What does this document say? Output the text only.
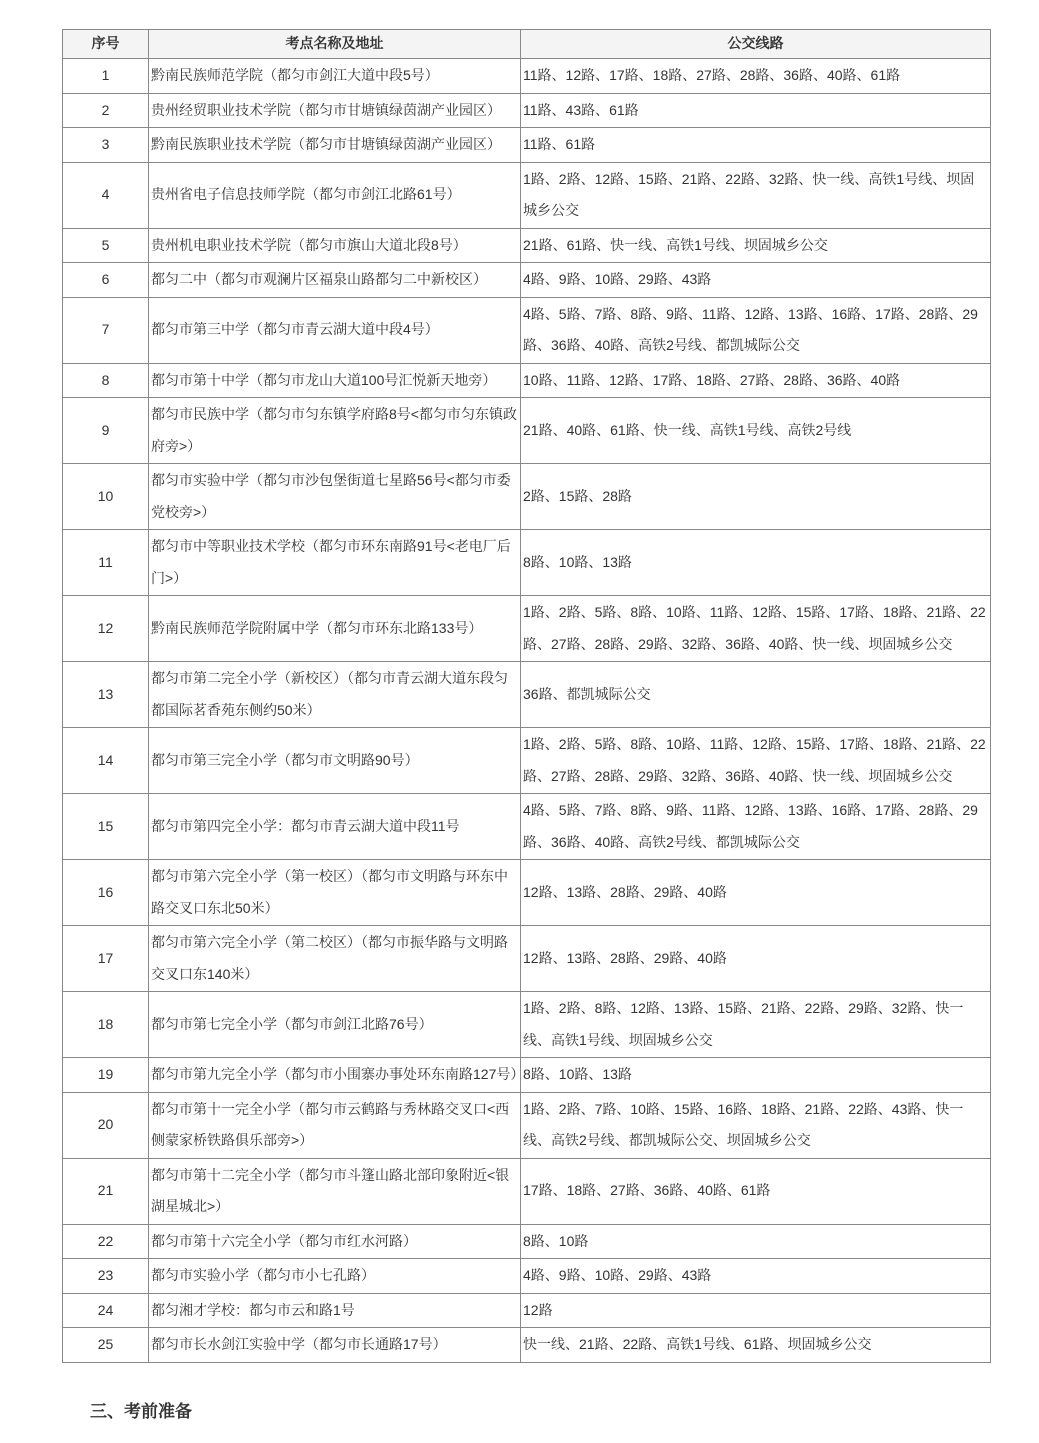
序号	考点名称及地址	公交线路
1	黔南民族师范学院（都匀市剑江大道中段5号）	11路、12路、17路、18路、27路、28路、36路、40路、61路
2	贵州经贸职业技术学院（都匀市甘塘镇绿茵湖产业园区）	11路、43路、61路
3	黔南民族职业技术学院（都匀市甘塘镇绿茵湖产业园区）	11路、61路
4	贵州省电子信息技师学院（都匀市剑江北路61号）	1路、2路、12路、15路、21路、22路、32路、快一线、高铁1号线、坝固城乡公交
5	贵州机电职业技术学院（都匀市旗山大道北段8号）	21路、61路、快一线、高铁1号线、坝固城乡公交
6	都匀二中（都匀市观澜片区福泉山路都匀二中新校区）	4路、9路、10路、29路、43路
7	都匀市第三中学（都匀市青云湖大道中段4号）	4路、5路、7路、8路、9路、11路、12路、13路、16路、17路、28路、29路、36路、40路、高铁2号线、都凯城际公交
8	都匀市第十中学（都匀市龙山大道100号汇悦新天地旁）	10路、11路、12路、17路、18路、27路、28路、36路、40路
9	都匀市民族中学（都匀市匀东镇学府路8号<都匀市匀东镇政府旁>）	21路、40路、61路、快一线、高铁1号线、高铁2号线
10	都匀市实验中学（都匀市沙包堡街道七星路56号<都匀市委党校旁>）	2路、15路、28路
11	都匀市中等职业技术学校（都匀市环东南路91号<老电厂后门>）	8路、10路、13路
12	黔南民族师范学院附属中学（都匀市环东北路133号）	1路、2路、5路、8路、10路、11路、12路、15路、17路、18路、21路、22路、27路、28路、29路、32路、36路、40路、快一线、坝固城乡公交
13	都匀市第二完全小学（新校区）（都匀市青云湖大道东段匀都国际茗香苑东侧约50米）	36路、都凯城际公交
14	都匀市第三完全小学（都匀市文明路90号）	1路、2路、5路、8路、10路、11路、12路、15路、17路、18路、21路、22路、27路、28路、29路、32路、36路、40路、快一线、坝固城乡公交
15	都匀市第四完全小学：都匀市青云湖大道中段11号	4路、5路、7路、8路、9路、11路、12路、13路、16路、17路、28路、29路、36路、40路、高铁2号线、都凯城际公交
16	都匀市第六完全小学（第一校区）（都匀市文明路与环东中路交叉口东北50米）	12路、13路、28路、29路、40路
17	都匀市第六完全小学（第二校区）（都匀市振华路与文明路交叉口东140米）	12路、13路、28路、29路、40路
18	都匀市第七完全小学（都匀市剑江北路76号）	1路、2路、8路、12路、13路、15路、21路、22路、29路、32路、快一线、高铁1号线、坝固城乡公交
19	都匀市第九完全小学（都匀市小围寨办事处环东南路127号）	8路、10路、13路
20	都匀市第十一完全小学（都匀市云鹤路与秀林路交叉口<西侧蒙家桥铁路俱乐部旁>）	1路、2路、7路、10路、15路、16路、18路、21路、22路、43路、快一线、高铁2号线、都凯城际公交、坝固城乡公交
21	都匀市第十二完全小学（都匀市斗篷山路北部印象附近<银湖星城北>）	17路、18路、27路、36路、40路、61路
22	都匀市第十六完全小学（都匀市红水河路）	8路、10路
23	都匀市实验小学（都匀市小七孔路）	4路、9路、10路、29路、43路
24	都匀湘才学校：都匀市云和路1号	12路
25	都匀市长水剑江实验中学（都匀市长通路17号）	快一线、21路、22路、高铁1号线、61路、坝固城乡公交
三、考前准备
